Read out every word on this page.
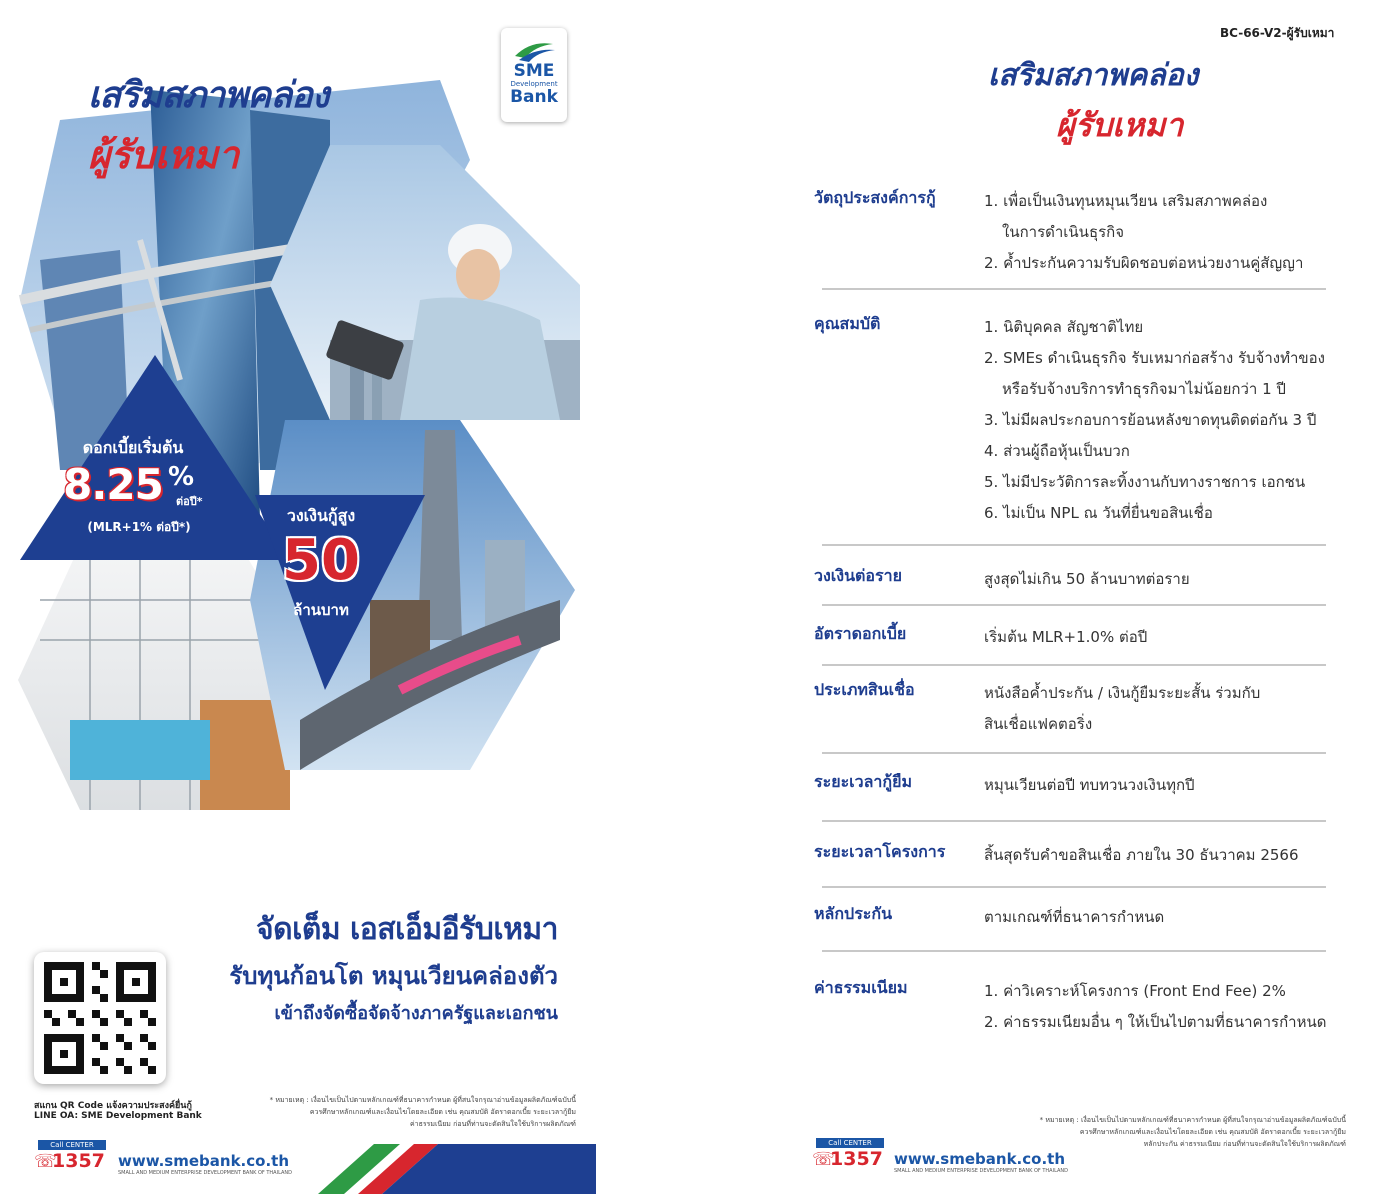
เสริมสภาพคล่อง
ผู้รับเหมา
SME
Development
Bank
ดอกเบี้ยเริ่มต้น
8.25 %
ต่อปี*
(MLR+1% ต่อปี*)
วงเงินกู้สูง
50
ล้านบาท
จัดเต็ม เอสเอ็มอีรับเหมา
รับทุนก้อนโต หมุนเวียนคล่องตัว
เข้าถึงจัดซื้อจัดจ้างภาครัฐและเอกชน
สแกน QR Code แจ้งความประสงค์ยื่นกู้
LINE OA: SME Development Bank
* หมายเหตุ : เงื่อนไขเป็นไปตามหลักเกณฑ์ที่ธนาคารกำหนด ผู้ที่สนใจกรุณาอ่านข้อมูลผลิตภัณฑ์ฉบับนี้
ควรศึกษาหลักเกณฑ์และเงื่อนไขโดยละเอียด เช่น คุณสมบัติ อัตราดอกเบี้ย ระยะเวลากู้ยืม
ค่าธรรมเนียม ก่อนที่ท่านจะตัดสินใจใช้บริการผลิตภัณฑ์
Call CENTER
☏
1357 www.smebank.co.th
SMALL AND MEDIUM ENTERPRISE DEVELOPMENT BANK OF THAILAND
BC-66-V2-ผู้รับเหมา
เสริมสภาพคล่อง
ผู้รับเหมา
วัตถุประสงค์การกู้	1. เพื่อเป็นเงินทุนหมุนเวียน เสริมสภาพคล่อง
ในการดำเนินธุรกิจ
2. ค้ำประกันความรับผิดชอบต่อหน่วยงานคู่สัญญา
คุณสมบัติ	1. นิติบุคคล สัญชาติไทย
2. SMEs ดำเนินธุรกิจ รับเหมาก่อสร้าง รับจ้างทำของ
หรือรับจ้างบริการทำธุรกิจมาไม่น้อยกว่า 1 ปี
3. ไม่มีผลประกอบการย้อนหลังขาดทุนติดต่อกัน 3 ปี
4. ส่วนผู้ถือหุ้นเป็นบวก
5. ไม่มีประวัติการละทิ้งงานกับทางราชการ เอกชน
6. ไม่เป็น NPL ณ วันที่ยื่นขอสินเชื่อ
วงเงินต่อราย	สูงสุดไม่เกิน 50 ล้านบาทต่อราย
อัตราดอกเบี้ย	เริ่มต้น MLR+1.0% ต่อปี
ประเภทสินเชื่อ	หนังสือค้ำประกัน / เงินกู้ยืมระยะสั้น ร่วมกับ
สินเชื่อแฟคตอริ่ง
ระยะเวลากู้ยืม	หมุนเวียนต่อปี ทบทวนวงเงินทุกปี
ระยะเวลาโครงการ	สิ้นสุดรับคำขอสินเชื่อ ภายใน 30 ธันวาคม 2566
หลักประกัน	ตามเกณฑ์ที่ธนาคารกำหนด
ค่าธรรมเนียม	1. ค่าวิเคราะห์โครงการ (Front End Fee) 2%
2. ค่าธรรมเนียมอื่น ๆ ให้เป็นไปตามที่ธนาคารกำหนด
* หมายเหตุ : เงื่อนไขเป็นไปตามหลักเกณฑ์ที่ธนาคารกำหนด ผู้ที่สนใจกรุณาอ่านข้อมูลผลิตภัณฑ์ฉบับนี้
ควรศึกษาหลักเกณฑ์และเงื่อนไขโดยละเอียด เช่น คุณสมบัติ อัตราดอกเบี้ย ระยะเวลากู้ยืม
หลักประกัน ค่าธรรมเนียม ก่อนที่ท่านจะตัดสินใจใช้บริการผลิตภัณฑ์
Call CENTER
☏
1357 www.smebank.co.th
SMALL AND MEDIUM ENTERPRISE DEVELOPMENT BANK OF THAILAND
